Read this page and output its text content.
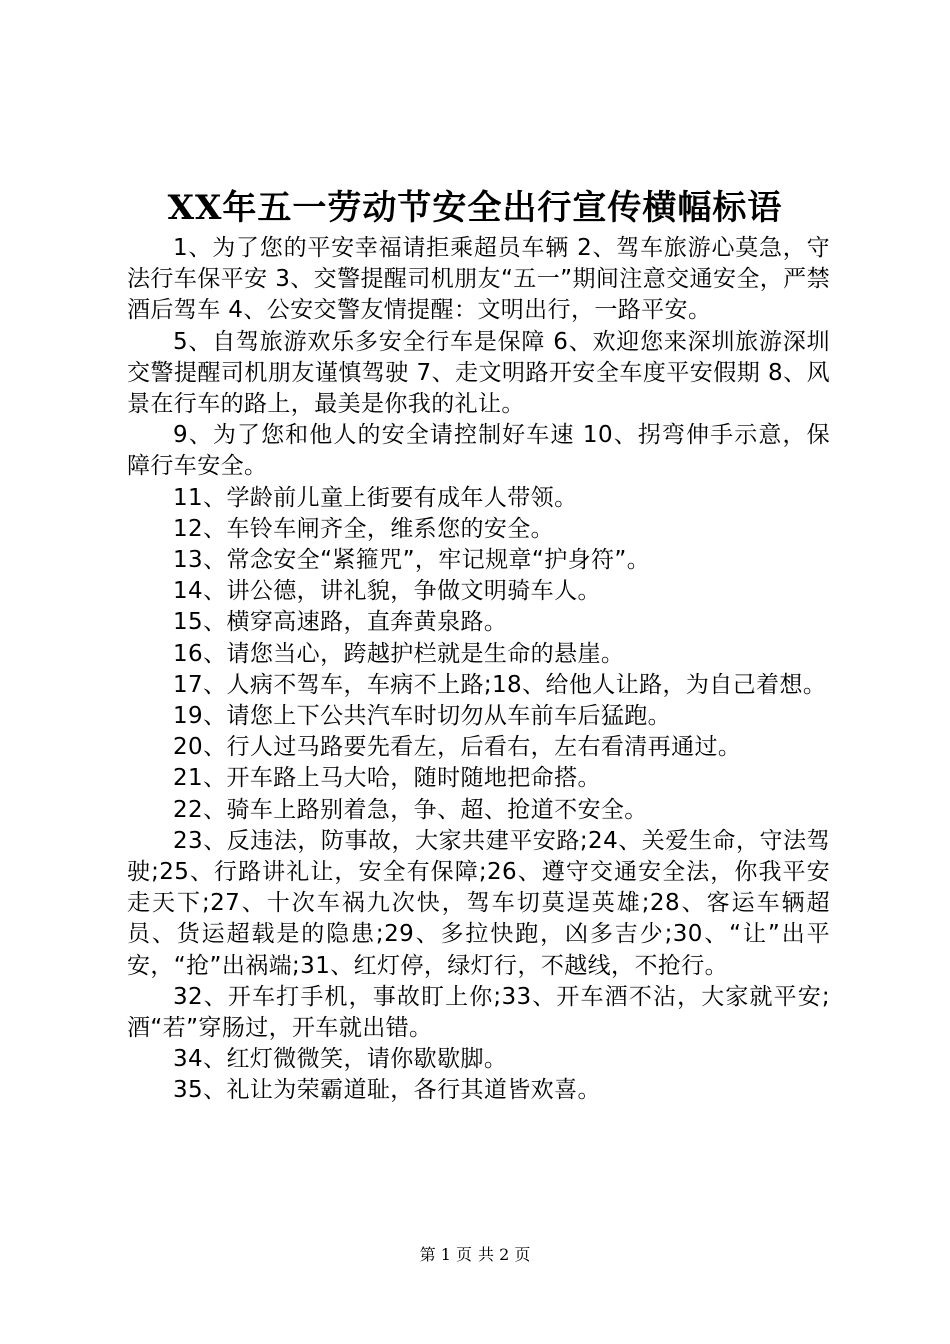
XX年五一劳动节安全出行宣传横幅标语

1、为了您的平安幸福请拒乘超员车辆 2、驾车旅游心莫急，守法行车保平安 3、交警提醒司机朋友“五一”期间注意交通安全，严禁酒后驾车 4、公安交警友情提醒：文明出行，一路平安。

5、自驾旅游欢乐多安全行车是保障 6、欢迎您来深圳旅游深圳交警提醒司机朋友谨慎驾驶 7、走文明路开安全车度平安假期 8、风景在行车的路上，最美是你我的礼让。

9、为了您和他人的安全请控制好车速 10、拐弯伸手示意，保障行车安全。

11、学龄前儿童上街要有成年人带领。

12、车铃车闸齐全，维系您的安全。

13、常念安全“紧箍咒”，牢记规章“护身符”。

14、讲公德，讲礼貌，争做文明骑车人。

15、横穿高速路，直奔黄泉路。

16、请您当心，跨越护栏就是生命的悬崖。

17、人病不驾车，车病不上路;18、给他人让路，为自己着想。

19、请您上下公共汽车时切勿从车前车后猛跑。

20、行人过马路要先看左，后看右，左右看清再通过。

21、开车路上马大哈，随时随地把命搭。

22、骑车上路别着急，争、超、抢道不安全。

23、反违法，防事故，大家共建平安路;24、关爱生命，守法驾驶;25、行路讲礼让，安全有保障;26、遵守交通安全法，你我平安走天下;27、十次车祸九次快，驾车切莫逞英雄;28、客运车辆超员、货运超载是的隐患;29、多拉快跑，凶多吉少;30、“让”出平安，“抢”出祸端;31、红灯停，绿灯行，不越线，不抢行。

32、开车打手机，事故盯上你;33、开车酒不沾，大家就平安;酒“若”穿肠过，开车就出错。

34、红灯微微笑，请你歇歇脚。

35、礼让为荣霸道耻，各行其道皆欢喜。

第 1 页 共 2 页
